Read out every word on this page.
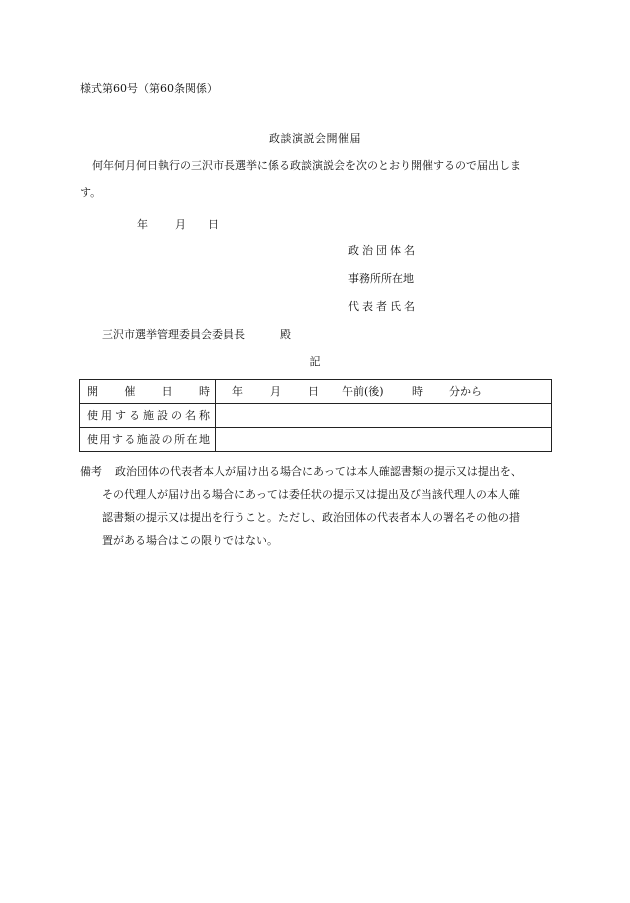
様式第60号（第60条関係）
政談演説会開催届
何年何月何日執行の三沢市長選挙に係る政談演説会を次のとおり開催するので届出しま
す。
年 月 日
政治団体名
事務所所在地
代表者氏名
三沢市選挙管理委員会委員長	殿
記
開催日時	年 月 日 午前(後) 時 分から

使用する施設の名称	

使用する施設の所在地	

備考 政治団体の代表者本人が届け出る場合にあっては本人確認書類の提示又は提出を、
その代理人が届け出る場合にあっては委任状の提示又は提出及び当該代理人の本人確
認書類の提示又は提出を行うこと。ただし、政治団体の代表者本人の署名その他の措
置がある場合はこの限りではない。
